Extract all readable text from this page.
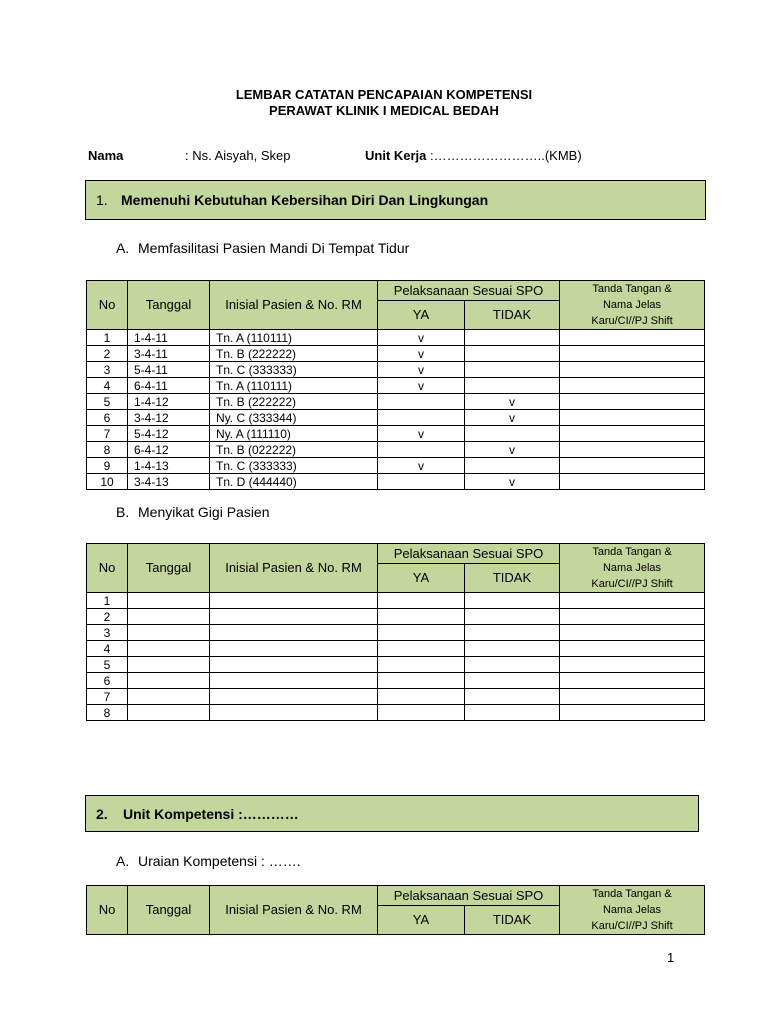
LEMBAR CATATAN PENCAPAIAN KOMPETENSI
PERAWAT KLINIK I MEDICAL BEDAH
Nama	: Ns. Aisyah, Skep	Unit Kerja :……………………..(KMB)
1. Memenuhi Kebutuhan Kebersihan Diri Dan Lingkungan
A. Memfasilitasi Pasien Mandi Di Tempat Tidur
No	Tanggal	Inisial Pasien & No. RM	Pelaksanaan Sesuai SPO		Tanda Tangan &
Nama Jelas
Karu/CI//PJ Shift
			YA	TIDAK	
1	1-4-11	Tn. A (110111)	v		
2	3-4-11	Tn. B (222222)	v		
3	5-4-11	Tn. C (333333)	v		
4	6-4-11	Tn. A (110111)	v		
5	1-4-12	Tn. B (222222)		v	
6	3-4-12	Ny. C (333344)		v	
7	5-4-12	Ny. A (111110)	v		
8	6-4-12	Tn. B (022222)		v	
9	1-4-13	Tn. C (333333)	v		
10	3-4-13	Tn. D (444440)		v	
B. Menyikat Gigi Pasien
No	Tanggal	Inisial Pasien & No. RM	Pelaksanaan Sesuai SPO		Tanda Tangan &
Nama Jelas
Karu/CI//PJ Shift
			YA	TIDAK	
1					
2					
3					
4					
5					
6					
7					
8					
2.	Unit Kompetensi :…………
A. Uraian Kompetensi : …….
No	Tanggal	Inisial Pasien & No. RM	Pelaksanaan Sesuai SPO		Tanda Tangan &
Nama Jelas
Karu/CI//PJ Shift
			YA	TIDAK	
1
